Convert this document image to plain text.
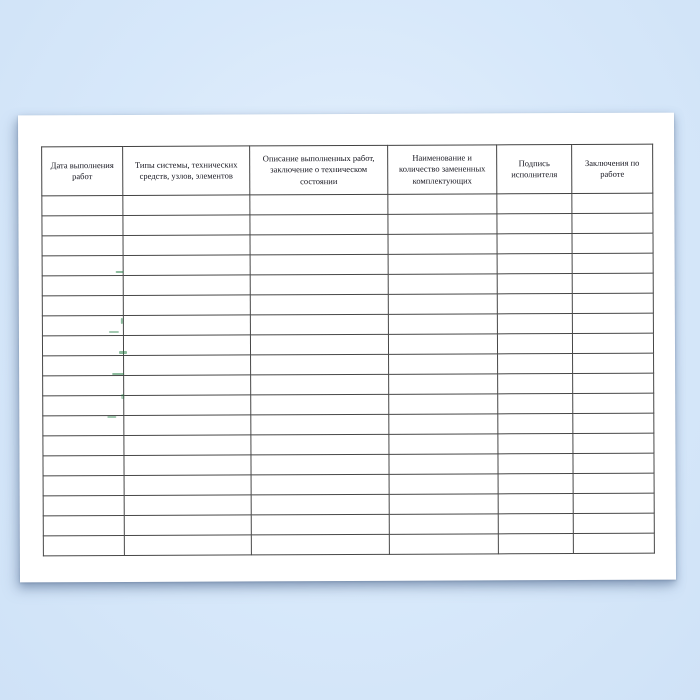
Дата выполнения работ	Типы системы, технических средств, узлов, элементов	Описание выполненных работ, заключение о техническом состоянии	Наименование и количество замененных комплектующих	Подпись исполнителя	Заключения по работе
